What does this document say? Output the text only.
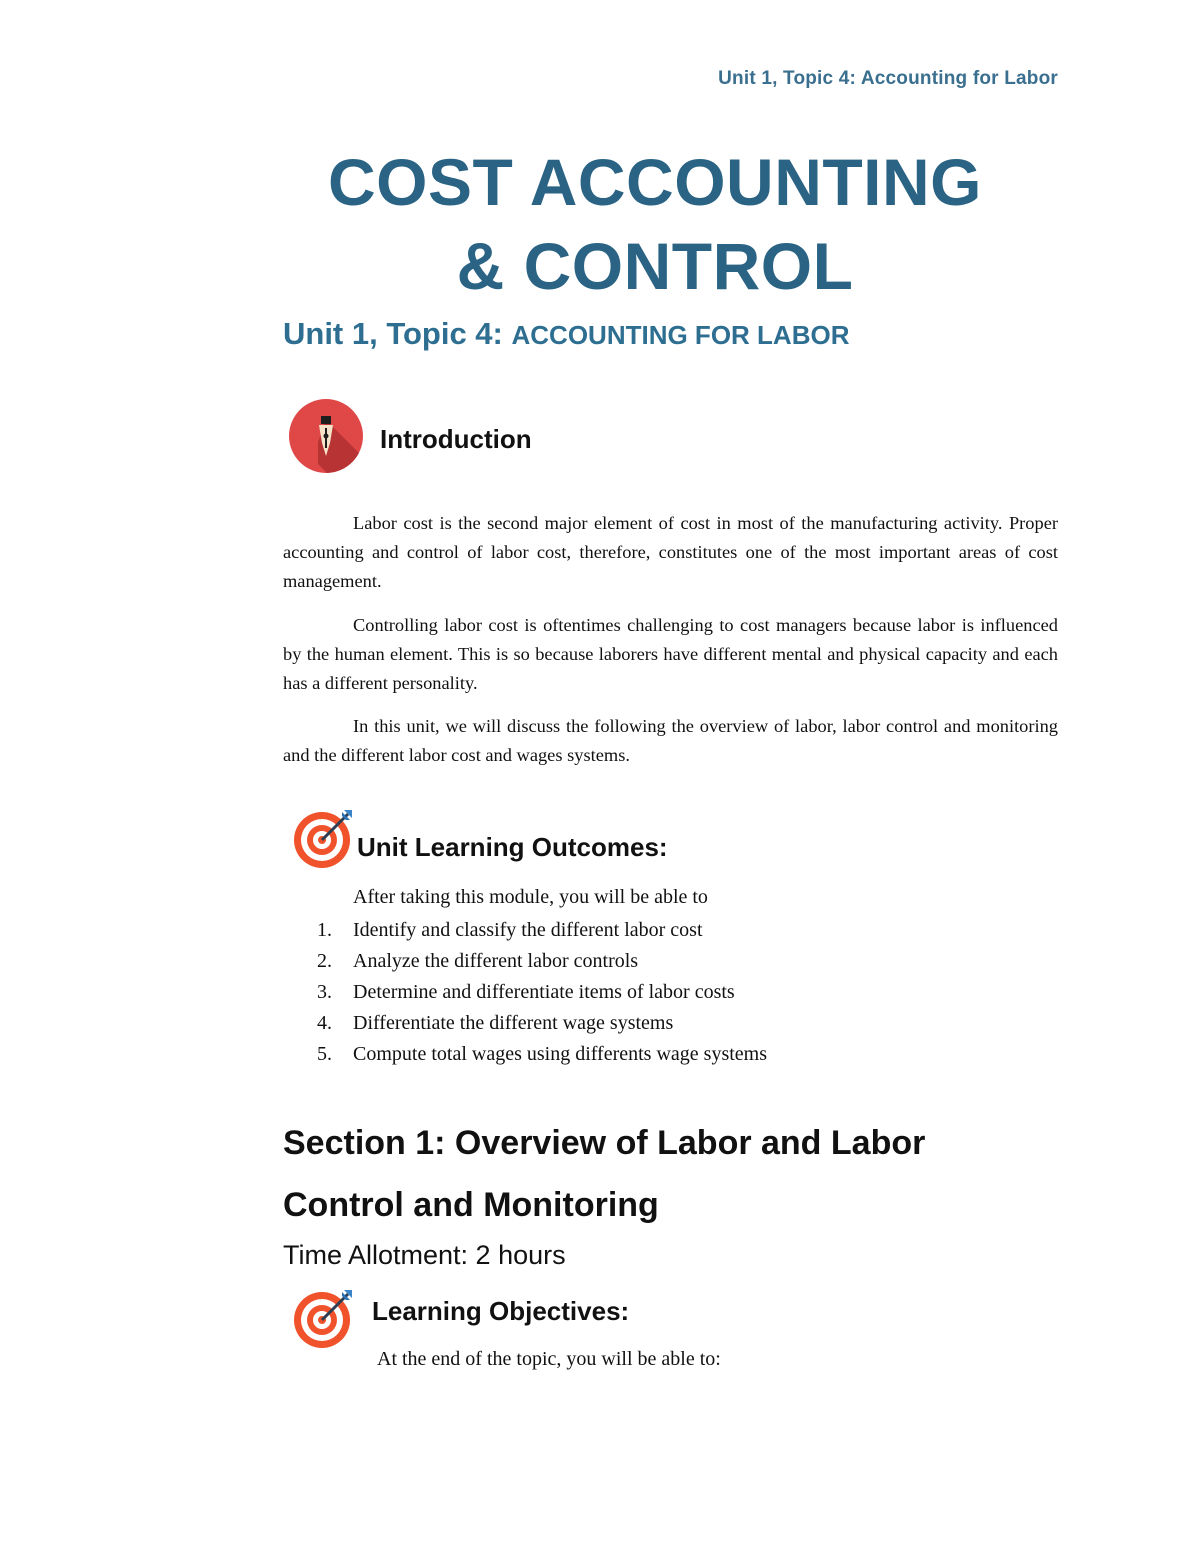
Unit 1, Topic 4: Accounting for Labor
COST ACCOUNTING
& CONTROL
Unit 1, Topic 4: ACCOUNTING FOR LABOR
Introduction

Labor cost is the second major element of cost in most of the manufacturing activity. Proper accounting and control of labor cost, therefore, constitutes one of the most important areas of cost management.

Controlling labor cost is oftentimes challenging to cost managers because labor is influenced by the human element. This is so because laborers have different mental and physical capacity and each has a different personality.

In this unit, we will discuss the following the overview of labor, labor control and monitoring and the different labor cost and wages systems.

Unit Learning Outcomes:
After taking this module, you will be able to
1.	Identify and classify the different labor cost
2.	Analyze the different labor controls
3.	Determine and differentiate items of labor costs
4.	Differentiate the different wage systems
5.	Compute total wages using differents wage systems
Section 1: Overview of Labor and Labor Control and Monitoring
Time Allotment: 2 hours
Learning Objectives:
At the end of the topic, you will be able to:
